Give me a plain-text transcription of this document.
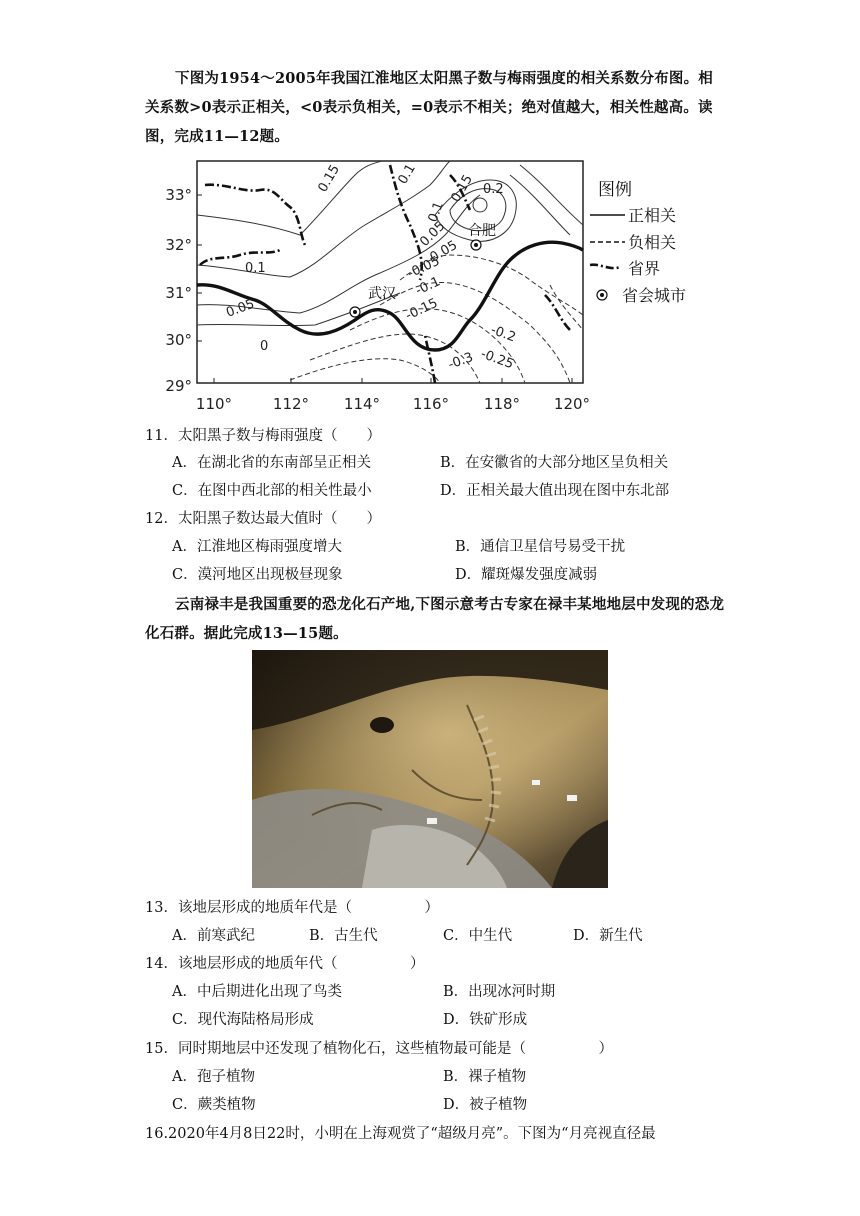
下图为1954～2005年我国江淮地区太阳黑子数与梅雨强度的相关系数分布图。相关系数>0表示正相关，<0表示负相关，=0表示不相关；绝对值越大，相关性越高。读图，完成11—12题。
33°
32°
31°
30°
29°
110°	112° 114° 116° 118° 120°
0.15	0.1 0.15 0.2
0.1
0.05
0.1
0.05
0
-0.05
-0.1
-0.15
-0.2
-0.25
-0.3
0.05
武汉
合肥
图例
正相关
负相关
省界
省会城市
11．太阳黑子数与梅雨强度（　　）
A．在湖北省的东南部呈正相关	B．在安徽省的大部分地区呈负相关
C．在图中西北部的相关性最小	D．正相关最大值出现在图中东北部
12．太阳黑子数达最大值时（　　）
A．江淮地区梅雨强度增大	B．通信卫星信号易受干扰
C．漠河地区出现极昼现象	D．耀斑爆发强度减弱
云南禄丰是我国重要的恐龙化石产地,下图示意考古专家在禄丰某地地层中发现的恐龙化石群。据此完成13—15题。
13．该地层形成的地质年代是（　　　　　）
A．前寒武纪	B．古生代	C．中生代	D．新生代
14．该地层形成的地质年代（　　　　　）
A．中后期进化出现了鸟类	B．出现冰河时期
C．现代海陆格局形成	D．铁矿形成
15．同时期地层中还发现了植物化石，这些植物最可能是（　　　　　）
A．孢子植物	B．裸子植物
C．蕨类植物	D．被子植物
16.2020年4月8日22时，小明在上海观赏了“超级月亮”。下图为“月亮视直径最
